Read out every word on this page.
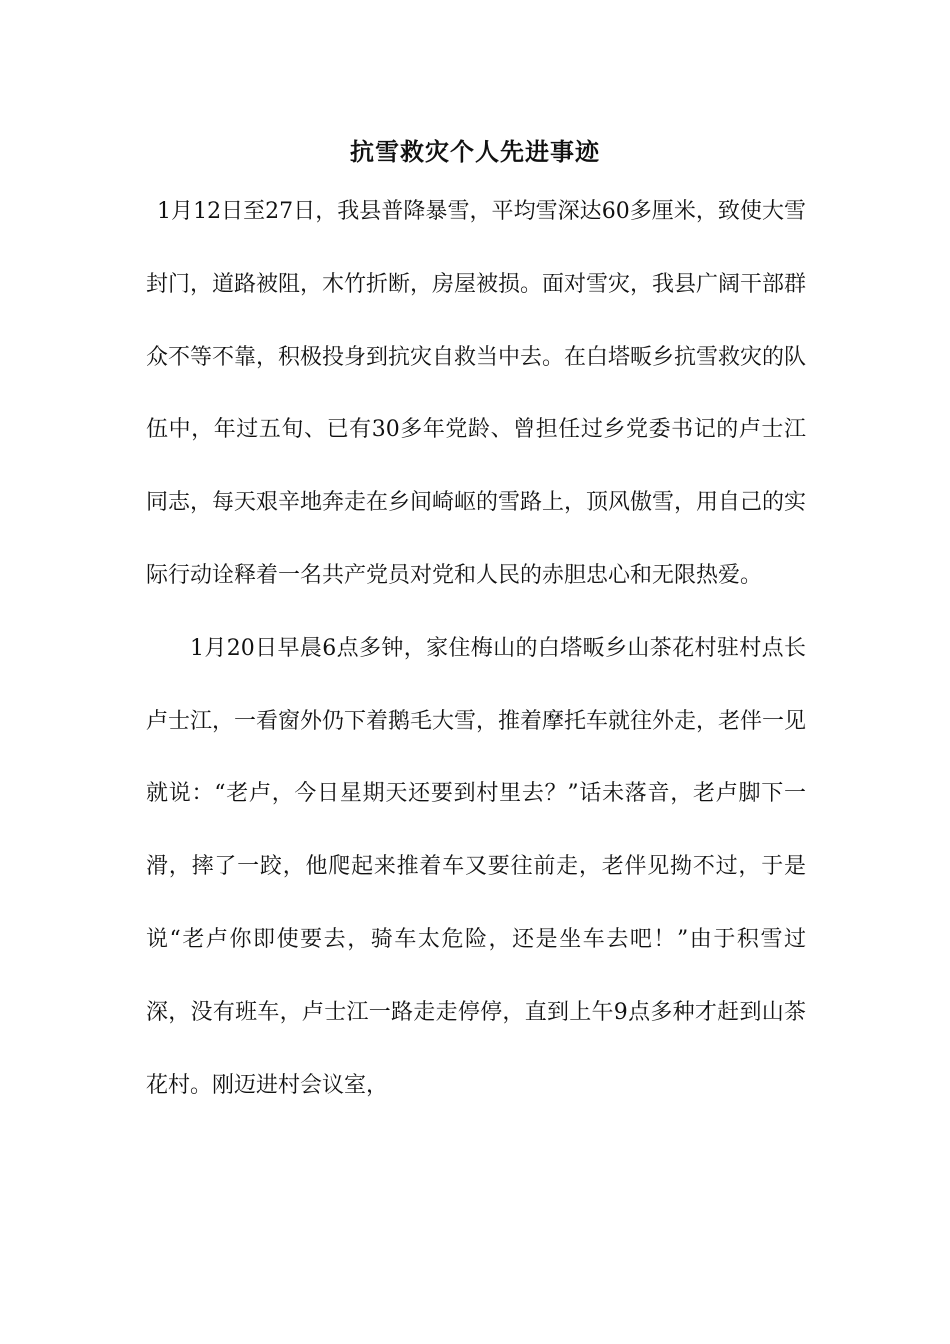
抗雪救灾个人先进事迹

1月12日至27日，我县普降暴雪，平均雪深达60多厘米，致使大雪封门，道路被阻，木竹折断，房屋被损。面对雪灾，我县广阔干部群众不等不靠，积极投身到抗灾自救当中去。在白塔畈乡抗雪救灾的队伍中，年过五旬、已有30多年党龄、曾担任过乡党委书记的卢士江同志，每天艰辛地奔走在乡间崎岖的雪路上，顶风傲雪，用自己的实际行动诠释着一名共产党员对党和人民的赤胆忠心和无限热爱。

1月20日早晨6点多钟，家住梅山的白塔畈乡山茶花村驻村点长卢士江，一看窗外仍下着鹅毛大雪，推着摩托车就往外走，老伴一见就说：“老卢，今日星期天还要到村里去？”话未落音，老卢脚下一滑，摔了一跤，他爬起来推着车又要往前走，老伴见拗不过，于是说“老卢你即使要去，骑车太危险，还是坐车去吧！”由于积雪过深，没有班车，卢士江一路走走停停，直到上午9点多种才赶到山茶花村。刚迈进村会议室，
